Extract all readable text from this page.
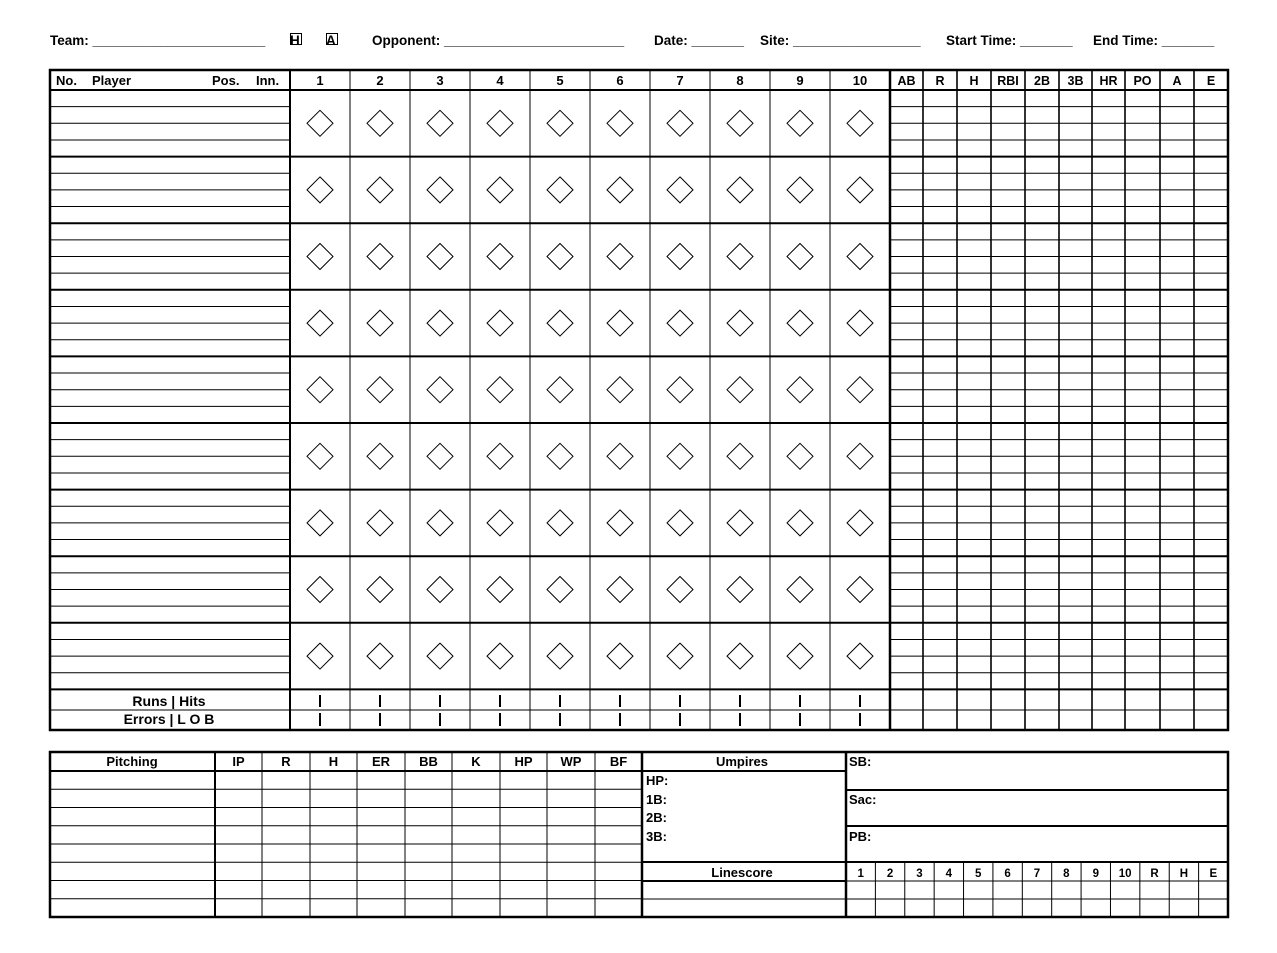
Team: _______________________ H A	Opponent: ________________________ Date: _______ Site: _________________ Start Time: _______ End Time: _______
No. Player	Pos. Inn.	1	2	3	4	5	6	7	8	9	10 AB R H RBI 2B 3B HR PO A E
Runs | Hits
Errors | L O B
Pitching	IP	R	H	ER BB	K	HP WP BF	Umpires
HP:
1B:
2B:
3B:
SB:
Sac:
PB:
Linescore	1 2 3 4 5 6 7 8 9 10 R H E
